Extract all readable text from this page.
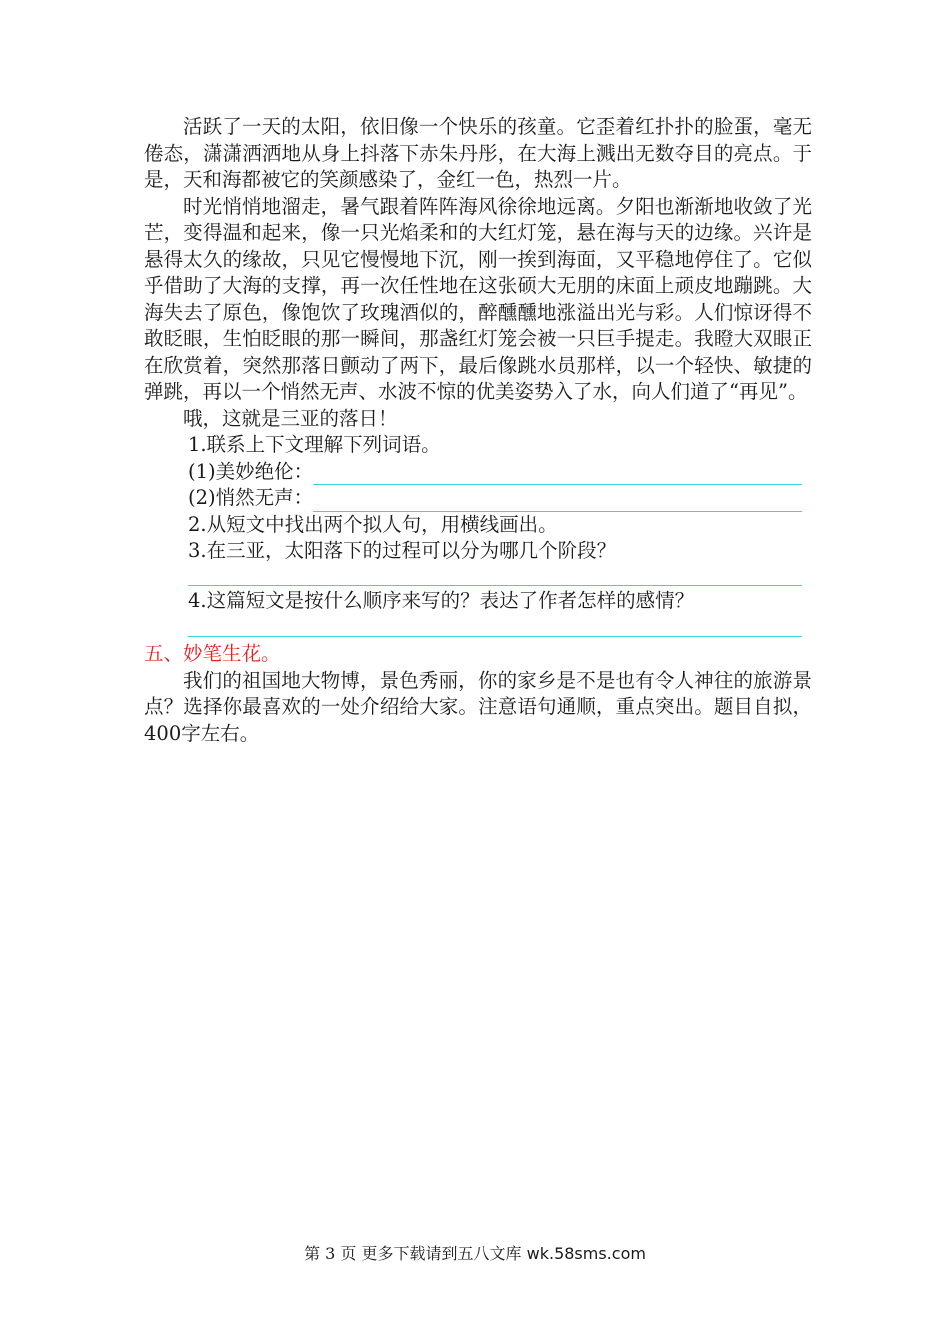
活跃了一天的太阳，依旧像一个快乐的孩童。它歪着红扑扑的脸蛋，毫无倦态，潇潇洒洒地从身上抖落下赤朱丹彤，在大海上溅出无数夺目的亮点。于是，天和海都被它的笑颜感染了，金红一色，热烈一片。

时光悄悄地溜走，暑气跟着阵阵海风徐徐地远离。夕阳也渐渐地收敛了光芒，变得温和起来，像一只光焰柔和的大红灯笼，悬在海与天的边缘。兴许是悬得太久的缘故，只见它慢慢地下沉，刚一挨到海面，又平稳地停住了。它似乎借助了大海的支撑，再一次任性地在这张硕大无朋的床面上顽皮地蹦跳。大海失去了原色，像饱饮了玫瑰酒似的，醉醺醺地涨溢出光与彩。人们惊讶得不敢眨眼，生怕眨眼的那一瞬间，那盏红灯笼会被一只巨手提走。我瞪大双眼正在欣赏着，突然那落日颤动了两下，最后像跳水员那样，以一个轻快、敏捷的弹跳，再以一个悄然无声、水波不惊的优美姿势入了水，向人们道了“再见”。

哦，这就是三亚的落日！

1.联系上下文理解下列词语。

(1)美妙绝伦：
(2)悄然无声：

2.从短文中找出两个拟人句，用横线画出。

3.在三亚，太阳落下的过程可以分为哪几个阶段？

4.这篇短文是按什么顺序来写的？表达了作者怎样的感情？

五、妙笔生花。

我们的祖国地大物博，景色秀丽，你的家乡是不是也有令人神往的旅游景点？选择你最喜欢的一处介绍给大家。注意语句通顺，重点突出。题目自拟，400字左右。

第 3 页 更多下载请到五八文库 wk.58sms.com
